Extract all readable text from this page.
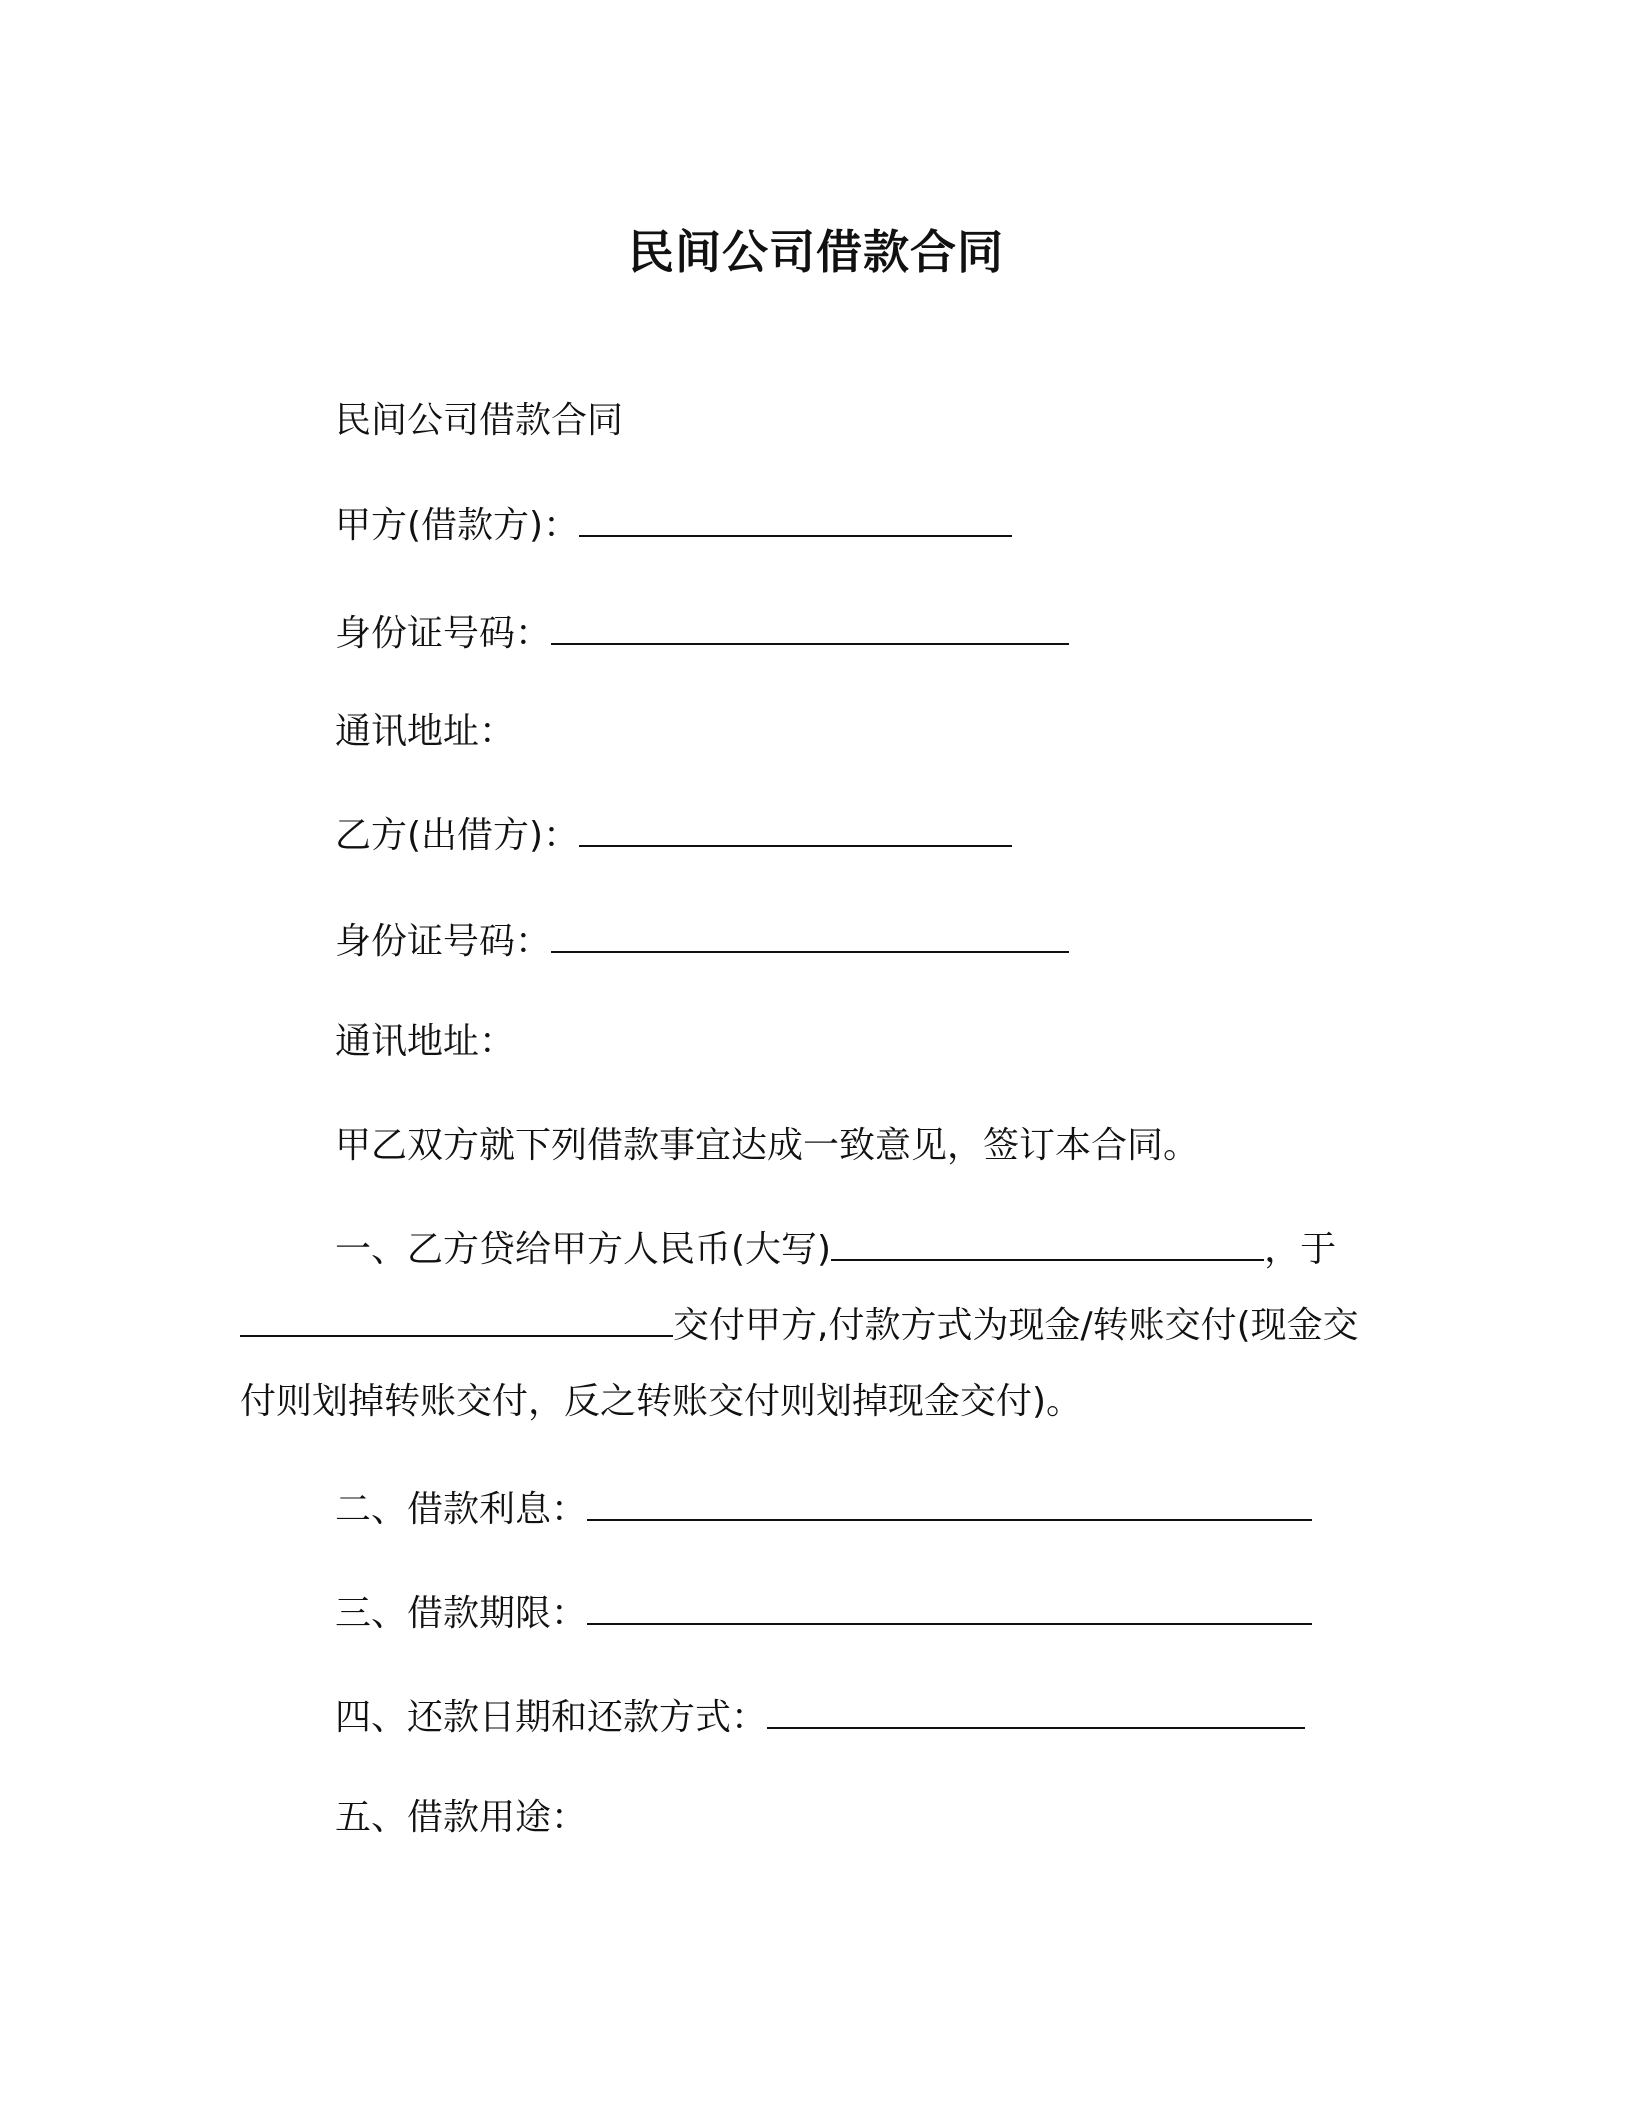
民间公司借款合同
民间公司借款合同
甲方(借款方)：
身份证号码：
通讯地址：
乙方(出借方)：
身份证号码：
通讯地址：
甲乙双方就下列借款事宜达成一致意见，签订本合同。
一、乙方贷给甲方人民币(大写)	，于
交付甲方,付款方式为现金/转账交付(现金交
付则划掉转账交付，反之转账交付则划掉现金交付)。
二、借款利息：
三、借款期限：
四、还款日期和还款方式：
五、借款用途：
